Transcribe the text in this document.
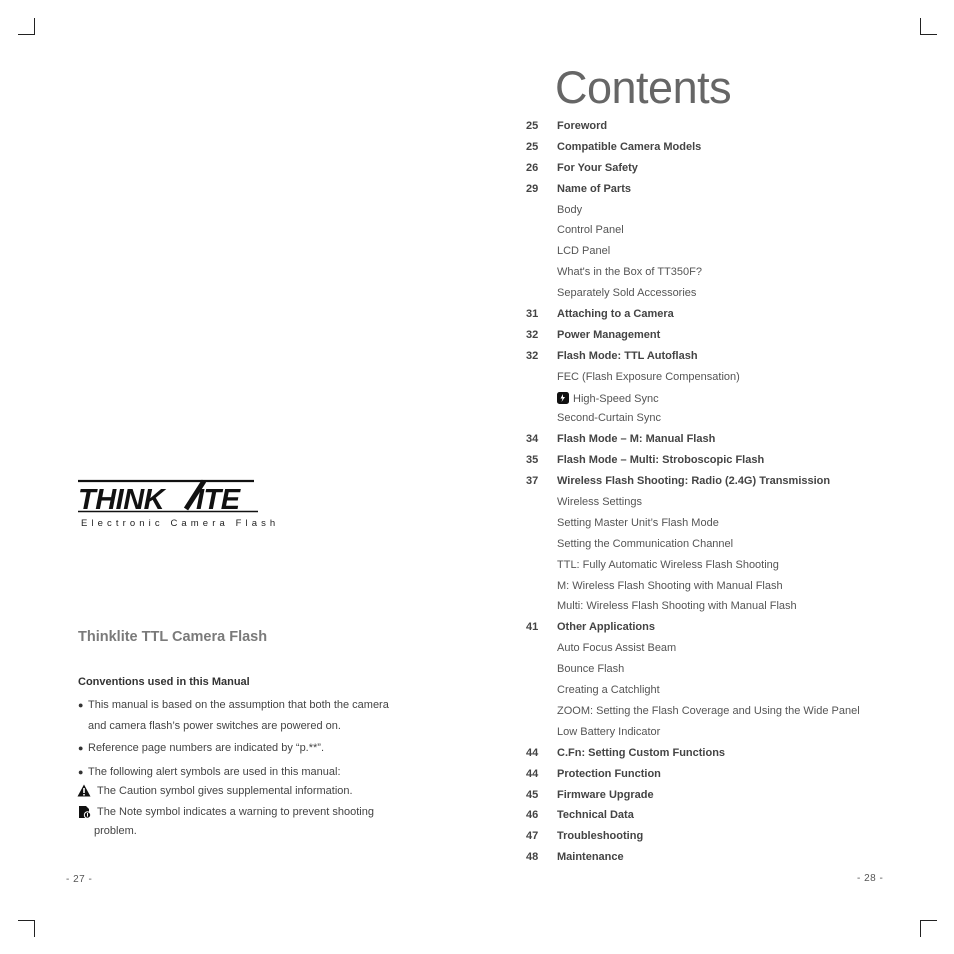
THINK ITE
Electronic Camera Flash
Thinklite TTL Camera Flash
Conventions used in this Manual
● This manual is based on the assumption that both the camera
and camera flash’s power switches are powered on.
● Reference page numbers are indicated by “p.**”.
● The following alert symbols are used in this manual:
The Caution symbol gives supplemental information.
The Note symbol indicates a warning to prevent shooting
problem.
- 27 -
Contents
25 Foreword
25 Compatible Camera Models
26 For Your Safety
29 Name of Parts
Body
Control Panel
LCD Panel
What's in the Box of TT350F?
Separately Sold Accessories
31 Attaching to a Camera
32 Power Management
32 Flash Mode: TTL Autoflash
FEC (Flash Exposure Compensation)
High-Speed Sync
Second-Curtain Sync
34 Flash Mode – M: Manual Flash
35 Flash Mode – Multi: Stroboscopic Flash
37 Wireless Flash Shooting: Radio (2.4G) Transmission
Wireless Settings
Setting Master Unit’s Flash Mode
Setting the Communication Channel
TTL: Fully Automatic Wireless Flash Shooting
M: Wireless Flash Shooting with Manual Flash
Multi: Wireless Flash Shooting with Manual Flash
41 Other Applications
Auto Focus Assist Beam
Bounce Flash
Creating a Catchlight
ZOOM: Setting the Flash Coverage and Using the Wide Panel
Low Battery Indicator
44 C.Fn: Setting Custom Functions
44 Protection Function
45 Firmware Upgrade
46 Technical Data
47 Troubleshooting
48 Maintenance
- 28 -
